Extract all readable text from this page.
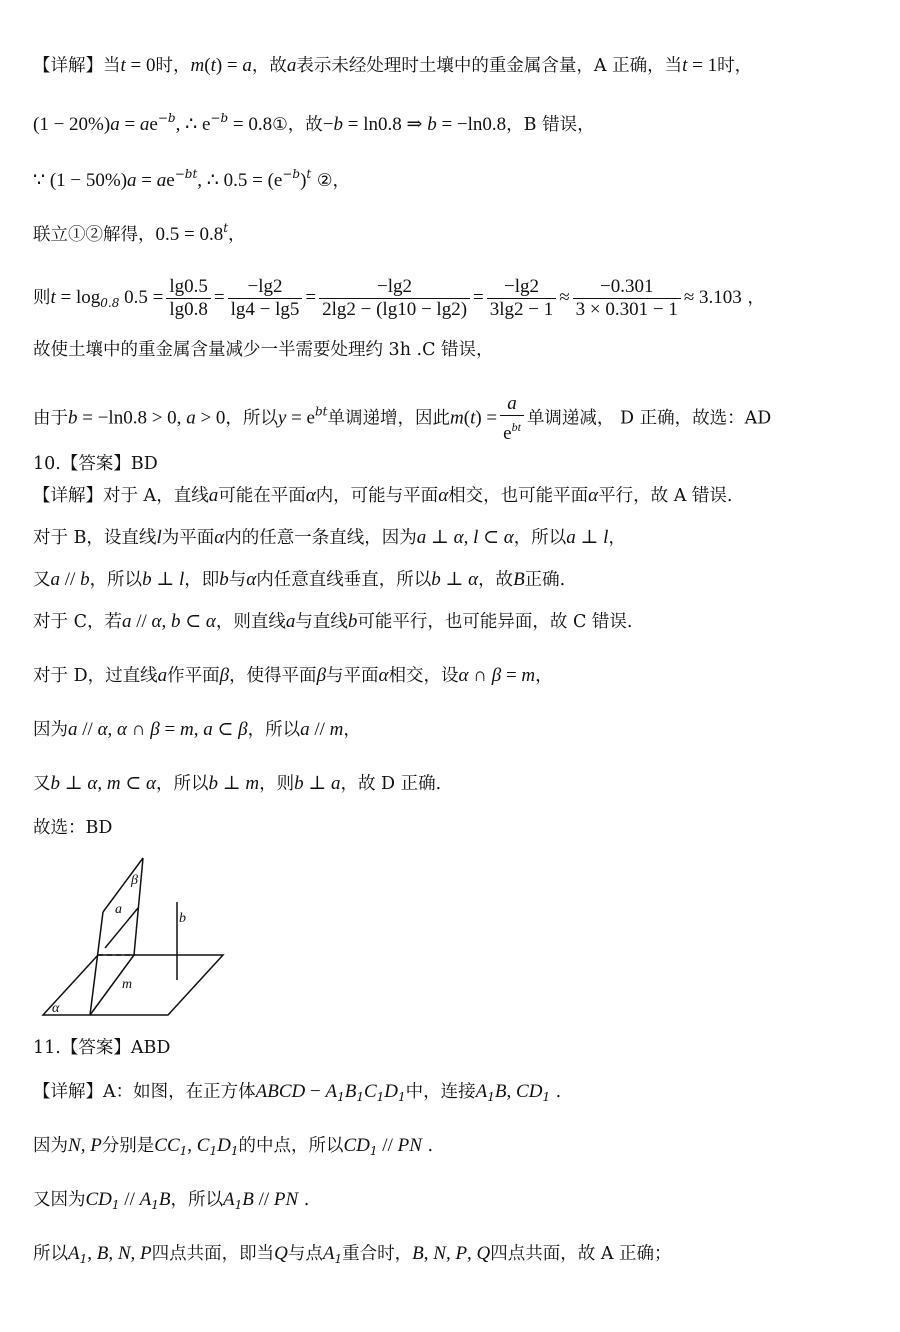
【详解】当t = 0时，m(t) = a，故a表示未经处理时土壤中的重金属含量，A 正确，当t = 1时，
$(1 - 20\%)a = ae^{-b}$, ∴ $e^{-b}$ = 0.8①，故−b = ln0.8 ⇒ b = −ln0.8，B 错误，
∵ $(1 - 50\%)a = ae^{-bt}$, ∴ $0.5 = (e^{-b})^t$ ②，
联立①②解得，$0.5 = 0.8^t$，
则$t = \log_{0.8} 0.5 = \frac{\lg 0.5}{\lg 0.8} = \frac{-\lg 2}{\lg 4 - \lg 5} = \frac{-\lg 2}{2\lg 2 - (\lg 10 - \lg 2)} = \frac{-\lg 2}{3\lg 2 - 1} \approx \frac{-0.301}{3 \times 0.301 - 1} \approx 3.103$ ，
故使土壤中的重金属含量减少一半需要处理约 3h .C 错误，
由于b = −ln0.8 > 0, a > 0，所以$y = e^{bt}$单调递增，因此$m(t) = \frac{a}{e^{bt}}$ 单调递减， D 正确，故选：AD
10.【答案】BD
【详解】对于 A，直线a可能在平面α内，可能与平面α相交，也可能平面α平行，故 A 错误.
对于 B，设直线l为平面α内的任意一条直线，因为a ⊥ α, l ⊂ α，所以a ⊥ l，
又a // b，所以b ⊥ l，即b与α内任意直线垂直，所以b ⊥ α，故B正确.
对于 C，若a // α, b ⊂ α，则直线a与直线b可能平行，也可能异面，故 C 错误.
对于 D，过直线a作平面β，使得平面β与平面α相交，设α ∩ β = m，
因为a // α, α ∩ β = m, a ⊂ β，所以a // m，
又b ⊥ α, m ⊂ α，所以b ⊥ m，则b ⊥ a，故 D 正确.
故选：BD
β
a
b
m
α
11.【答案】ABD
【详解】A：如图，在正方体ABCD − $A_1B_1C_1D_1$中，连接$A_1B$, $CD_1$ .
因为N, P分别是$CC_1$, $C_1D_1$的中点，所以$CD_1$ // PN .
又因为$CD_1 // A_1B$，所以$A_1B$ // PN .
所以$A_1$, B, N, P四点共面，即当Q与点$A_1$重合时，B, N, P, Q四点共面，故 A 正确；
